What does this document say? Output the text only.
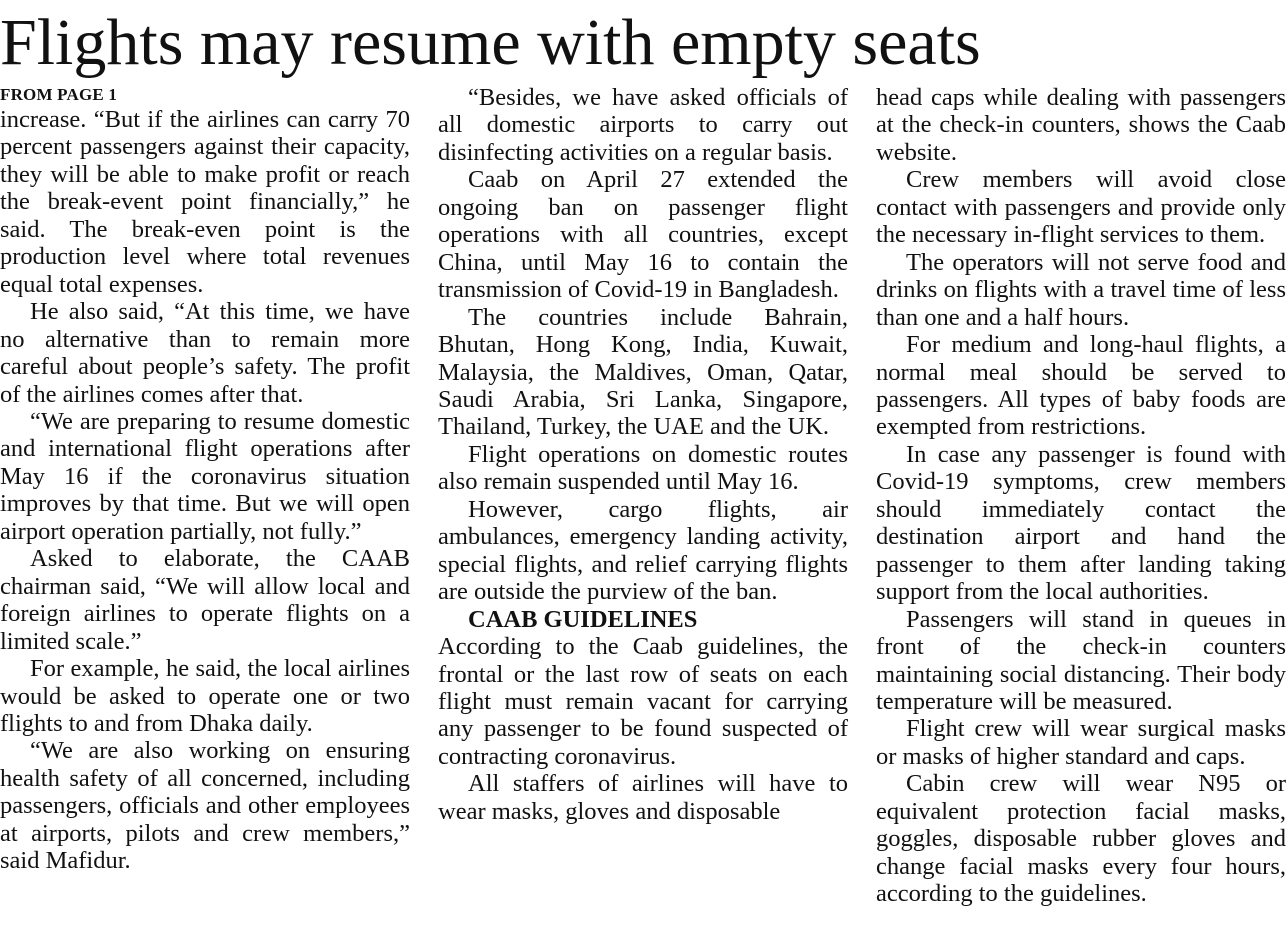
Flights may resume with empty seats
FROM PAGE 1

increase. “But if the airlines can carry 70 percent passengers against their capacity, they will be able to make profit or reach the break-event point financially,” he said. The break-even point is the production level where total revenues equal total expenses.

He also said, “At this time, we have no alternative than to remain more careful about people’s safety. The profit of the airlines comes after that.

“We are preparing to resume domestic and international flight operations after May 16 if the coronavirus situation improves by that time. But we will open airport operation partially, not fully.”

Asked to elaborate, the CAAB chairman said, “We will allow local and foreign airlines to operate flights on a limited scale.”

For example, he said, the local airlines would be asked to operate one or two flights to and from Dhaka daily.

“We are also working on ensuring health safety of all concerned, including passengers, officials and other employees at airports, pilots and crew members,” said Mafidur.

“Besides, we have asked officials of all domestic airports to carry out disinfecting activities on a regular basis.

Caab on April 27 extended the ongoing ban on passenger flight operations with all countries, except China, until May 16 to contain the transmission of Covid-19 in Bangladesh.

The countries include Bahrain, Bhutan, Hong Kong, India, Kuwait, Malaysia, the Maldives, Oman, Qatar, Saudi Arabia, Sri Lanka, Singapore, Thailand, Turkey, the UAE and the UK.

Flight operations on domestic routes also remain suspended until May 16.

However, cargo flights, air ambulances, emergency landing activity, special flights, and relief carrying flights are outside the purview of the ban.

CAAB GUIDELINES

According to the Caab guidelines, the frontal or the last row of seats on each flight must remain vacant for carrying any passenger to be found suspected of contracting coronavirus.

All staffers of airlines will have to wear masks, gloves and disposable

head caps while dealing with passengers at the check-in counters, shows the Caab website.

Crew members will avoid close contact with passengers and provide only the necessary in-flight services to them.

The operators will not serve food and drinks on flights with a travel time of less than one and a half hours.

For medium and long-haul flights, a normal meal should be served to passengers. All types of baby foods are exempted from restrictions.

In case any passenger is found with Covid-19 symptoms, crew members should immediately contact the destination airport and hand the passenger to them after landing taking support from the local authorities.

Passengers will stand in queues in front of the check-in counters maintaining social distancing. Their body temperature will be measured.

Flight crew will wear surgical masks or masks of higher standard and caps.

Cabin crew will wear N95 or equivalent protection facial masks, goggles, disposable rubber gloves and change facial masks every four hours, according to the guidelines.
